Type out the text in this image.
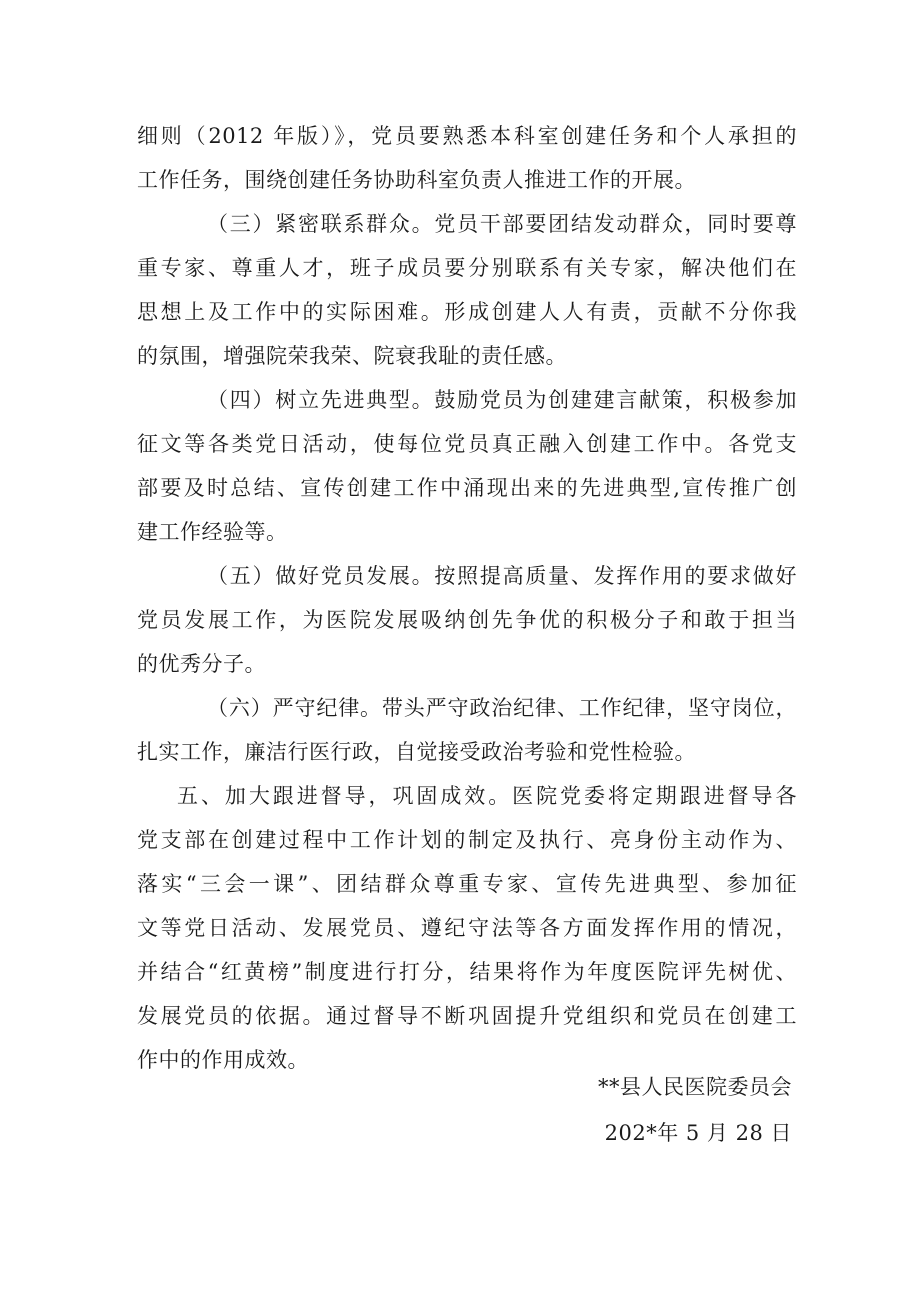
细则（2012 年版）》，党员要熟悉本科室创建任务和个人承担的
工作任务，围绕创建任务协助科室负责人推进工作的开展。
（三）紧密联系群众。党员干部要团结发动群众，同时要尊
重专家、尊重人才，班子成员要分别联系有关专家，解决他们在
思想上及工作中的实际困难。形成创建人人有责，贡献不分你我
的氛围，增强院荣我荣、院衰我耻的责任感。
（四）树立先进典型。鼓励党员为创建建言献策，积极参加
征文等各类党日活动，使每位党员真正融入创建工作中。各党支
部要及时总结、宣传创建工作中涌现出来的先进典型,宣传推广创
建工作经验等。
（五）做好党员发展。按照提高质量、发挥作用的要求做好
党员发展工作，为医院发展吸纳创先争优的积极分子和敢于担当
的优秀分子。
（六）严守纪律。带头严守政治纪律、工作纪律，坚守岗位，
扎实工作，廉洁行医行政，自觉接受政治考验和党性检验。
五、加大跟进督导，巩固成效。医院党委将定期跟进督导各
党支部在创建过程中工作计划的制定及执行、亮身份主动作为、
落实“三会一课”、团结群众尊重专家、宣传先进典型、参加征
文等党日活动、发展党员、遵纪守法等各方面发挥作用的情况，
并结合“红黄榜”制度进行打分，结果将作为年度医院评先树优、
发展党员的依据。通过督导不断巩固提升党组织和党员在创建工
作中的作用成效。
**县人民医院委员会
202*年 5 月 28 日
